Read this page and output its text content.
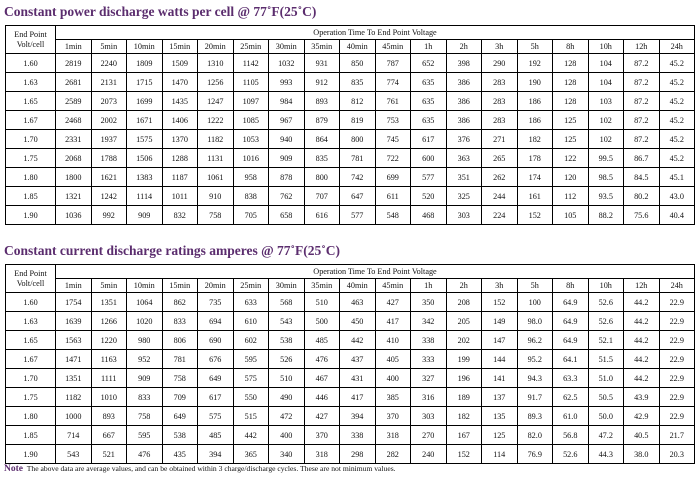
Constant power discharge watts per cell @ 77˚F(25˚C)
End Point Volt/cell	Operation Time To End Point Voltage																	
	1min	5min	10min	15min	20min	25min	30min	35min	40min	45min	1h	2h	3h	5h	8h	10h	12h	24h
1.60	2819	2240	1809	1509	1310	1142	1032	931	850	787	652	398	290	192	128	104	87.2	45.2
1.63	2681	2131	1715	1470	1256	1105	993	912	835	774	635	386	283	190	128	104	87.2	45.2
1.65	2589	2073	1699	1435	1247	1097	984	893	812	761	635	386	283	186	128	103	87.2	45.2
1.67	2468	2002	1671	1406	1222	1085	967	879	819	753	635	386	283	186	125	102	87.2	45.2
1.70	2331	1937	1575	1370	1182	1053	940	864	800	745	617	376	271	182	125	102	87.2	45.2
1.75	2068	1788	1506	1288	1131	1016	909	835	781	722	600	363	265	178	122	99.5	86.7	45.2
1.80	1800	1621	1383	1187	1061	958	878	800	742	699	577	351	262	174	120	98.5	84.5	45.1
1.85	1321	1242	1114	1011	910	838	762	707	647	611	520	325	244	161	112	93.5	80.2	43.0
1.90	1036	992	909	832	758	705	658	616	577	548	468	303	224	152	105	88.2	75.6	40.4
Constant current discharge ratings amperes @ 77˚F(25˚C)
End Point Volt/cell	Operation Time To End Point Voltage																	
	1min	5min	10min	15min	20min	25min	30min	35min	40min	45min	1h	2h	3h	5h	8h	10h	12h	24h
1.60	1754	1351	1064	862	735	633	568	510	463	427	350	208	152	100	64.9	52.6	44.2	22.9
1.63	1639	1266	1020	833	694	610	543	500	450	417	342	205	149	98.0	64.9	52.6	44.2	22.9
1.65	1563	1220	980	806	690	602	538	485	442	410	338	202	147	96.2	64.9	52.1	44.2	22.9
1.67	1471	1163	952	781	676	595	526	476	437	405	333	199	144	95.2	64.1	51.5	44.2	22.9
1.70	1351	1111	909	758	649	575	510	467	431	400	327	196	141	94.3	63.3	51.0	44.2	22.9
1.75	1182	1010	833	709	617	550	490	446	417	385	316	189	137	91.7	62.5	50.5	43.9	22.9
1.80	1000	893	758	649	575	515	472	427	394	370	303	182	135	89.3	61.0	50.0	42.9	22.9
1.85	714	667	595	538	485	442	400	370	338	318	270	167	125	82.0	56.8	47.2	40.5	21.7
1.90	543	521	476	435	394	365	340	318	298	282	240	152	114	76.9	52.6	44.3	38.0	20.3
Note The above data are average values, and can be obtained within 3 charge/discharge cycles. These are not minimum values.
